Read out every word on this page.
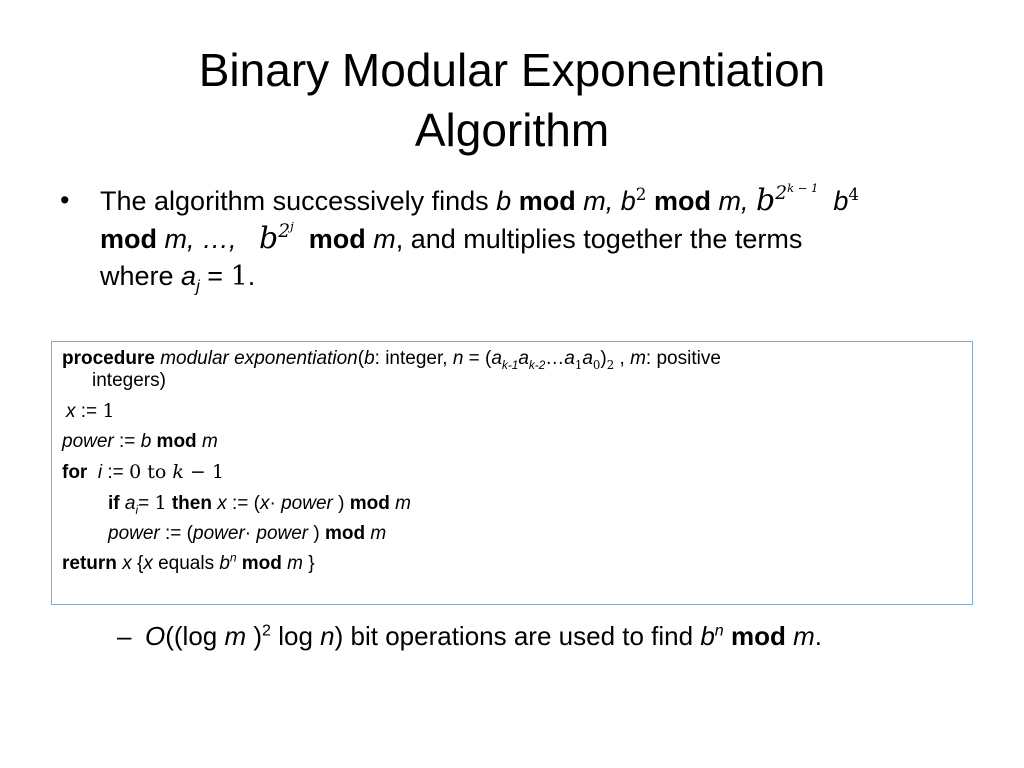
Binary Modular Exponentiation
Algorithm
• The algorithm successively finds b mod m, $b^2$ mod m, $b^{2^{k - 1}}$ $b^4$
mod m, …, $b^{2^j}$ mod m, and multiplies together the terms
where $a_j = 1$.
procedure modular exponentiation(b: integer, $n = (a_{k-1}a_{k-2}\dots a_1a_0)_2$ , m: positive
integers)
x := 1
power := b mod m
for i := 0 to k − 1
if $a_i= 1$ then x := (x· power ) mod m
power := (power· power ) mod m
return x {x equals $b^n$ mod m }
– O((log m )$^2$ log n) bit operations are used to find $b^n$ mod m.
